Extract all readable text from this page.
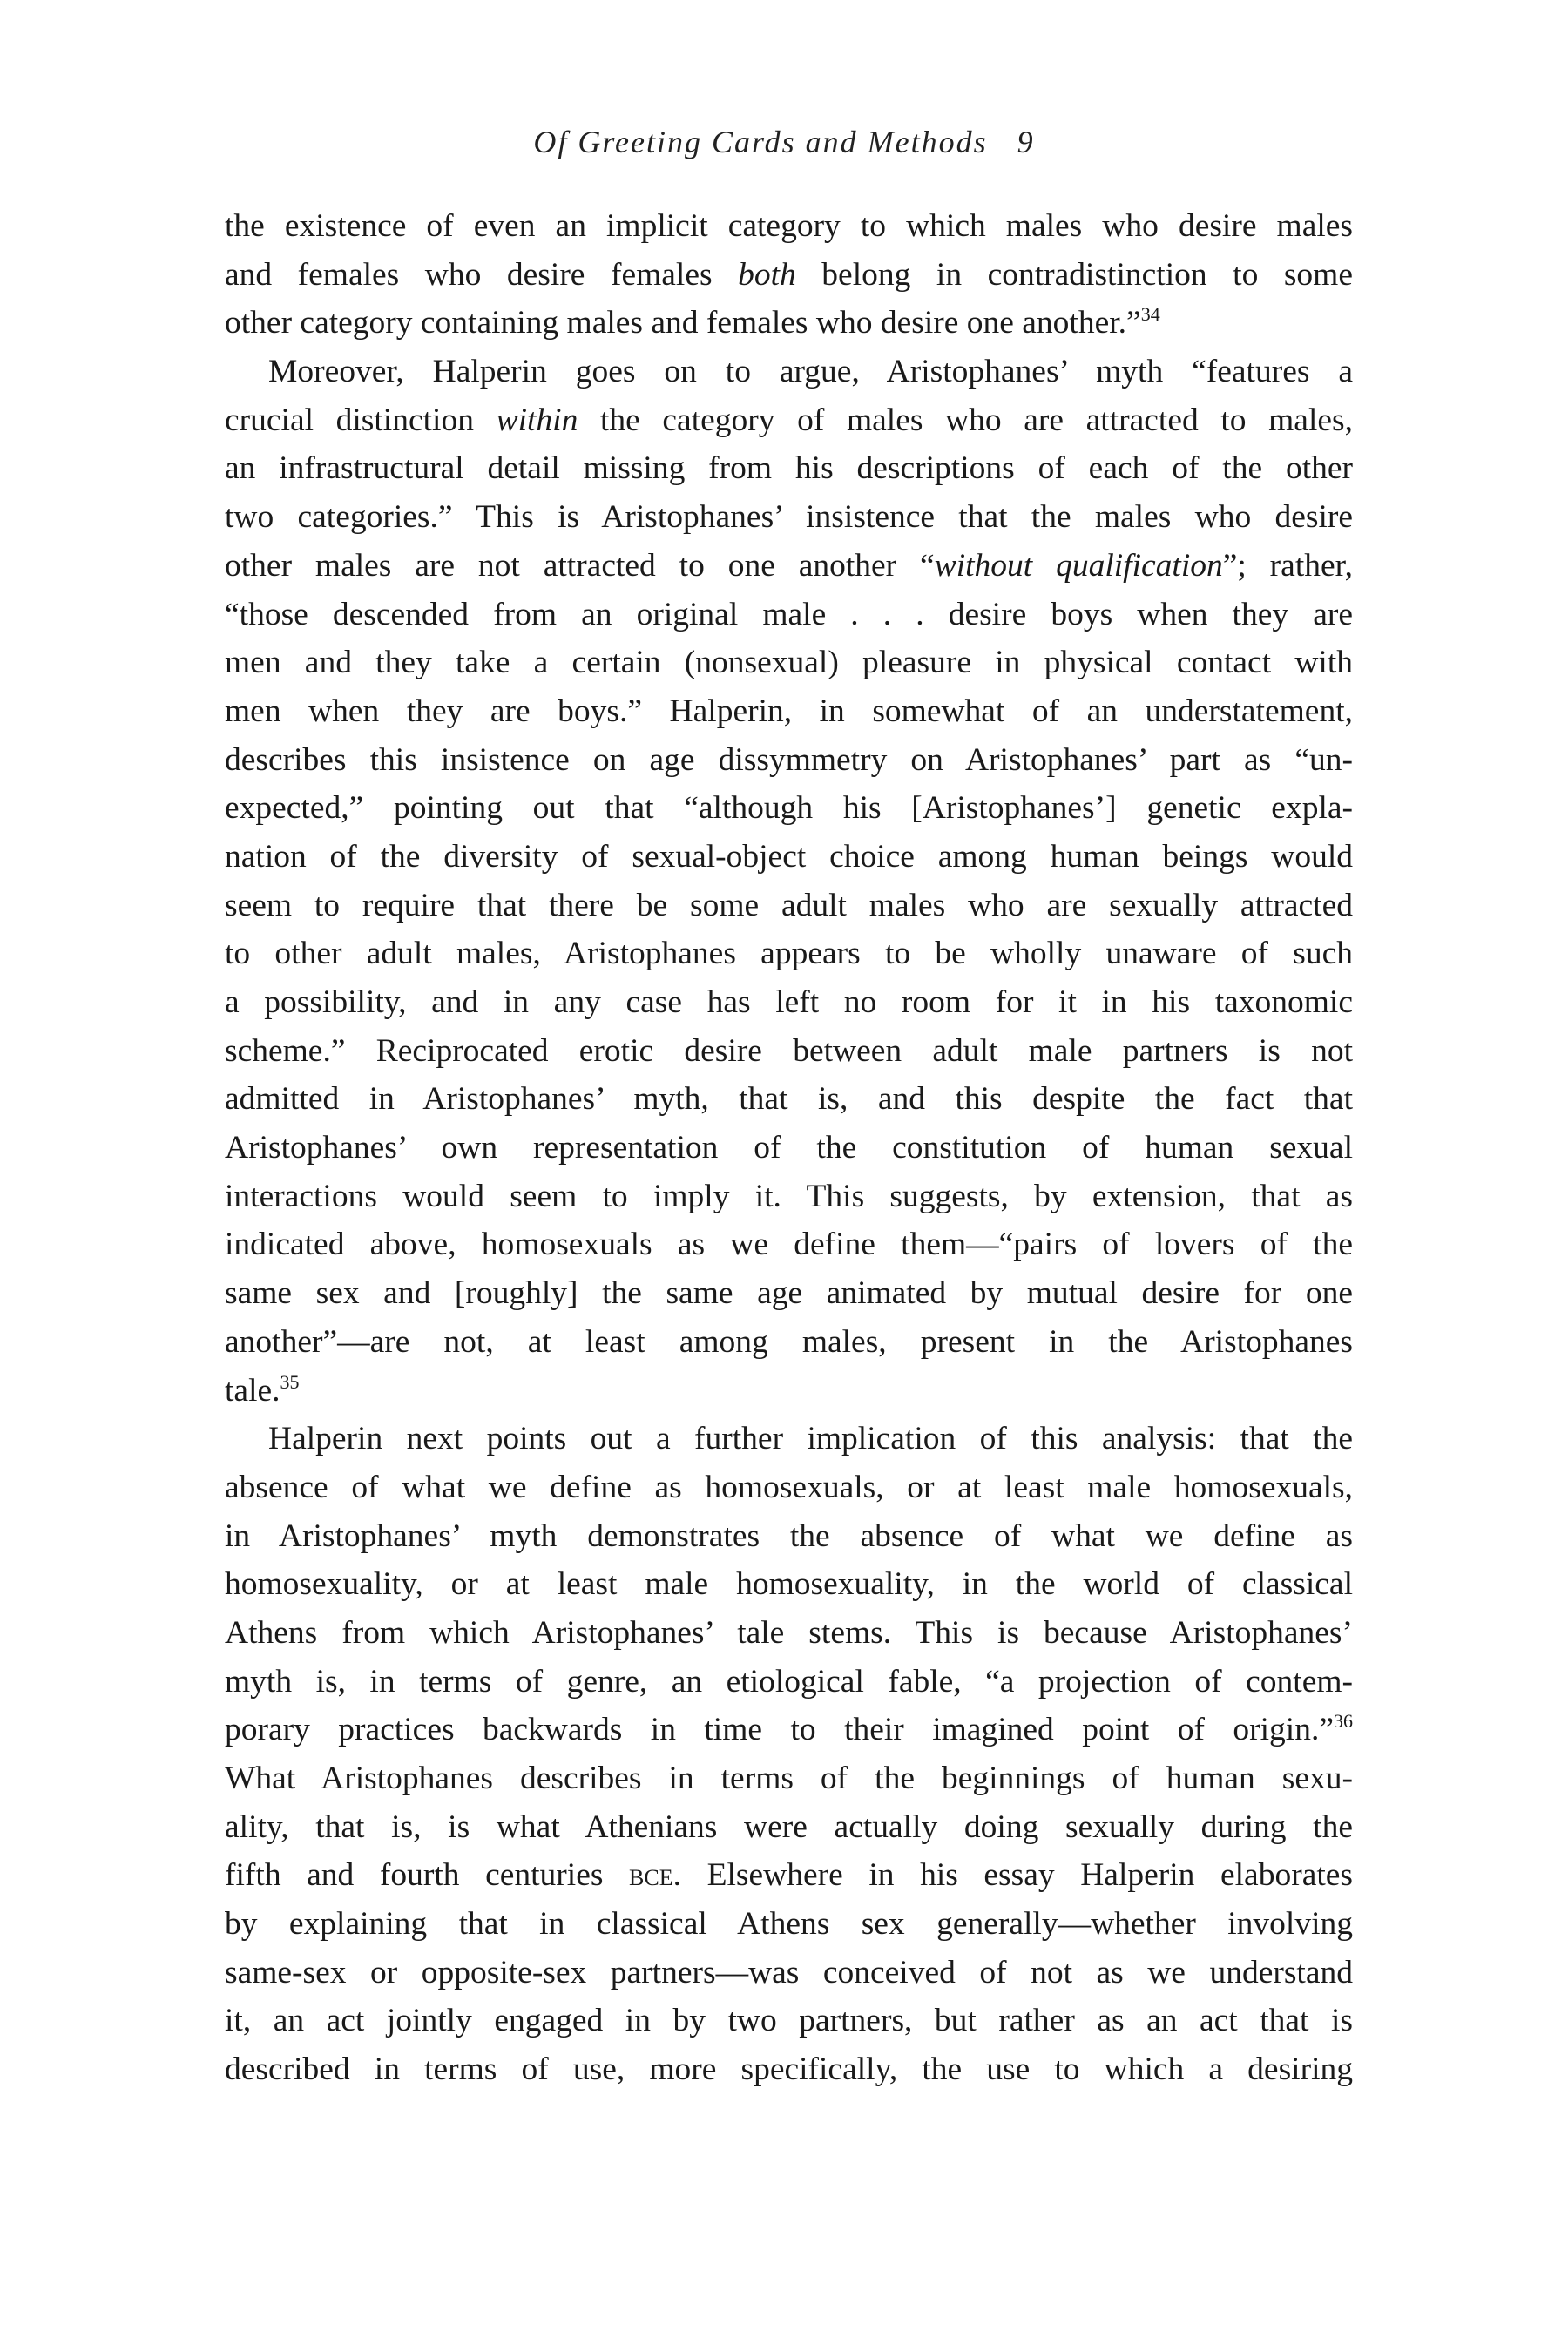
Of Greeting Cards and Methods 9
the existence of even an implicit category to which males who desire males
and females who desire females both belong in contradistinction to some
other category containing males and females who desire one another.”$^{34}$
Moreover, Halperin goes on to argue, Aristophanes’ myth “features a
crucial distinction within the category of males who are attracted to males,
an infrastructural detail missing from his descriptions of each of the other
two categories.” This is Aristophanes’ insistence that the males who desire
other males are not attracted to one another “without qualification”; rather,
“those descended from an original male . . . desire boys when they are
men and they take a certain (nonsexual) pleasure in physical contact with
men when they are boys.” Halperin, in somewhat of an understatement,
describes this insistence on age dissymmetry on Aristophanes’ part as “un-
expected,” pointing out that “although his [Aristophanes’] genetic expla-
nation of the diversity of sexual-object choice among human beings would
seem to require that there be some adult males who are sexually attracted
to other adult males, Aristophanes appears to be wholly unaware of such
a possibility, and in any case has left no room for it in his taxonomic
scheme.” Reciprocated erotic desire between adult male partners is not
admitted in Aristophanes’ myth, that is, and this despite the fact that
Aristophanes’ own representation of the constitution of human sexual
interactions would seem to imply it. This suggests, by extension, that as
indicated above, homosexuals as we define them—“pairs of lovers of the
same sex and [roughly] the same age animated by mutual desire for one
another”—are not, at least among males, present in the Aristophanes
tale.$^{35}$
Halperin next points out a further implication of this analysis: that the
absence of what we define as homosexuals, or at least male homosexuals,
in Aristophanes’ myth demonstrates the absence of what we define as
homosexuality, or at least male homosexuality, in the world of classical
Athens from which Aristophanes’ tale stems. This is because Aristophanes’
myth is, in terms of genre, an etiological fable, “a projection of contem-
porary practices backwards in time to their imagined point of origin.”$^{36}$
What Aristophanes describes in terms of the beginnings of human sexu-
ality, that is, is what Athenians were actually doing sexually during the
fifth and fourth centuries bce. Elsewhere in his essay Halperin elaborates
by explaining that in classical Athens sex generally—whether involving
same-sex or opposite-sex partners—was conceived of not as we understand
it, an act jointly engaged in by two partners, but rather as an act that is
described in terms of use, more specifically, the use to which a desiring
